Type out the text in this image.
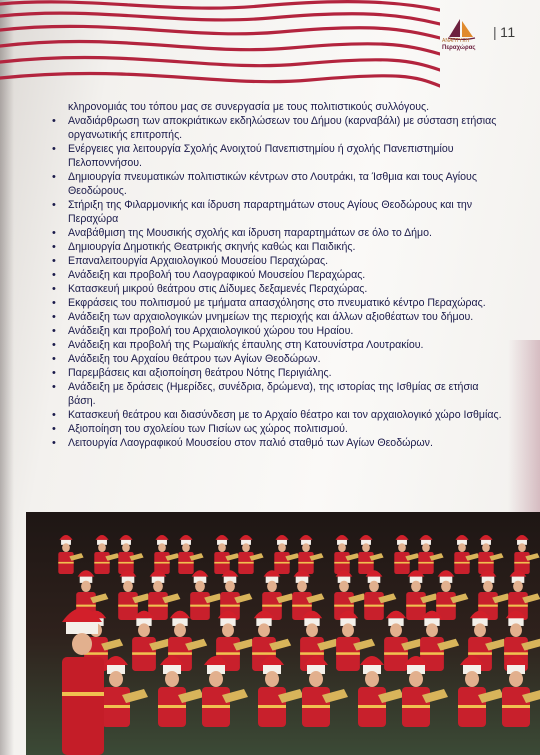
ΑΝΑΠΤΥΞΗ
Περαχώρας
| 11

κληρονομιάς του τόπου μας σε συνεργασία με τους πολιτιστικούς συλλόγους.

• Αναδιάρθρωση των αποκριάτικων εκδηλώσεων του Δήμου (καρναβάλι) με σύσταση ετήσιας οργανωτικής επιτροπής.
• Ενέργειες για λειτουργία Σχολής Ανοιχτού Πανεπιστημίου ή σχολής Πανεπιστημίου Πελοποννήσου.
• Δημιουργία πνευματικών πολιτιστικών κέντρων στο Λουτράκι, τα Ίσθμια και τους Αγίους Θεοδώρους.
• Στήριξη της Φιλαρμονικής και ίδρυση παραρτημάτων στους Αγίους Θεοδώρους και την Περαχώρα
• Αναβάθμιση της Μουσικής σχολής και ίδρυση παραρτημάτων σε όλο το Δήμο.
• Δημιουργία Δημοτικής Θεατρικής σκηνής καθώς και Παιδικής.
• Επαναλειτουργία Αρχαιολογικού Μουσείου Περαχώρας.
• Ανάδειξη και προβολή του Λαογραφικού Μουσείου Περαχώρας.
• Κατασκευή μικρού θεάτρου στις Δίδυμες δεξαμενές Περαχώρας.
• Εκφράσεις του πολιτισμού με τμήματα απασχόλησης στο πνευματικό κέντρο Περαχώρας.
• Ανάδειξη των αρχαιολογικών μνημείων της περιοχής και άλλων αξιοθέατων του δήμου.
• Ανάδειξη και προβολή του Αρχαιολογικού χώρου του Ηραίου.
• Ανάδειξη και προβολή της Ρωμαϊκής έπαυλης στη Κατουνίστρα Λουτρακίου.
• Ανάδειξη του Αρχαίου θεάτρου των Αγίων Θεοδώρων.
• Παρεμβάσεις και αξιοποίηση θεάτρου Νότης Περιγιάλης.
• Ανάδειξη με δράσεις (Ημερίδες, συνέδρια, δρώμενα), της ιστορίας της Ισθμίας σε ετήσια βάση.
• Κατασκευή θεάτρου και διασύνδεση με το Αρχαίο θέατρο και τον αρχαιολογικό χώρο Ισθμίας.
• Αξιοποίηση του σχολείου των Πισίων ως χώρος πολιτισμού.
• Λειτουργία Λαογραφικού Μουσείου στον παλιό σταθμό των Αγίων Θεοδώρων.
